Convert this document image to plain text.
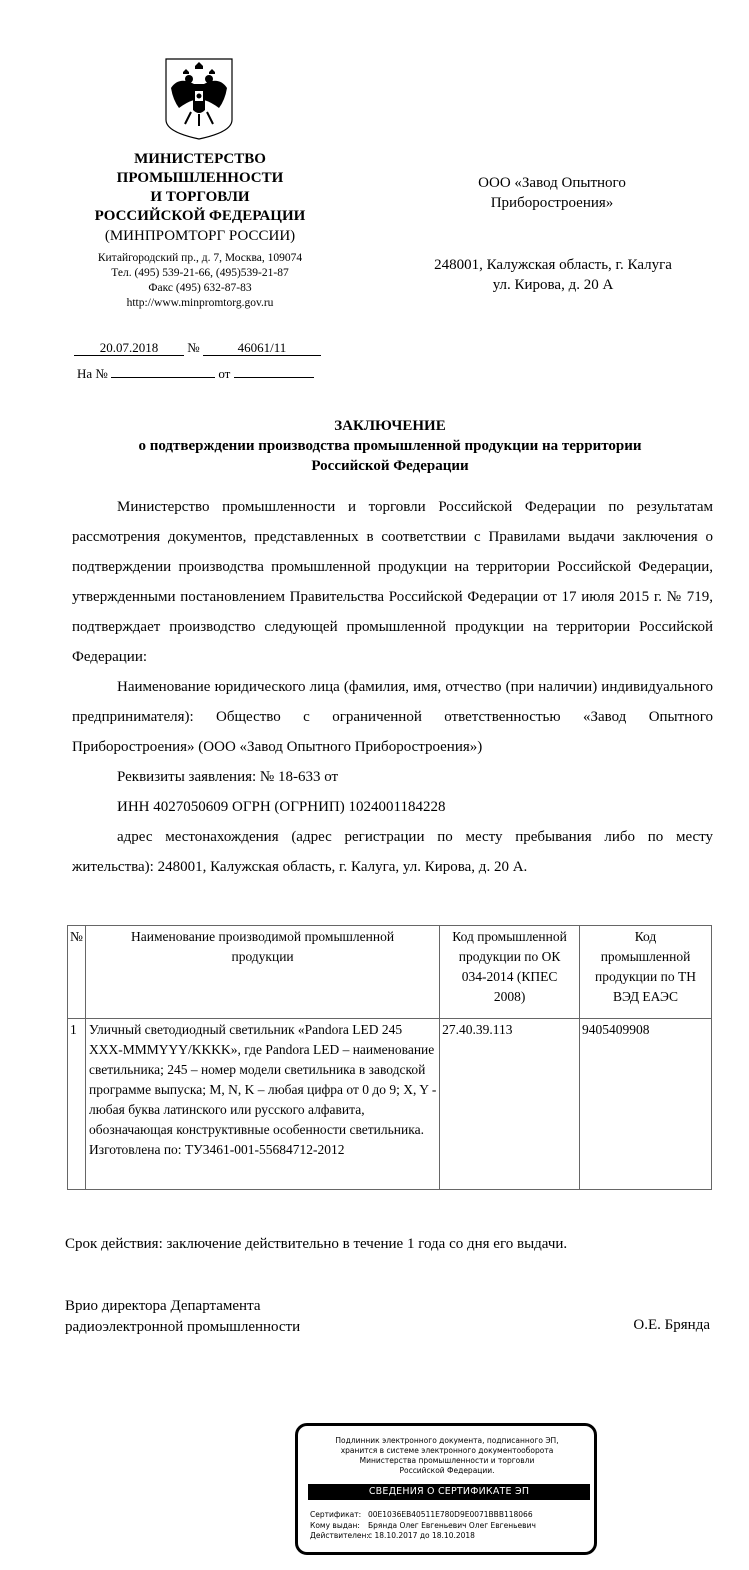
МИНИСТЕРСТВО
ПРОМЫШЛЕННОСТИ
И ТОРГОВЛИ
РОССИЙСКОЙ ФЕДЕРАЦИИ
(МИНПРОМТОРГ РОССИИ)
Китайгородский пр., д. 7, Москва, 109074
Тел. (495) 539-21-66, (495)539-21-87
Факс (495) 632-87-83
http://www.minpromtorg.gov.ru
20.07.2018 №	46061/11
На №	от
ООО «Завод Опытного
Приборостроения»
248001, Калужская область, г. Калуга
ул. Кирова, д. 20 А
ЗАКЛЮЧЕНИЕ
о подтверждении производства промышленной продукции на территории
Российской Федерации

Министерство промышленности и торговли Российской Федерации по результатам рассмотрения документов, представленных в соответствии с Правилами выдачи заключения о подтверждении производства промышленной продукции на территории Российской Федерации, утвержденными постановлением Правительства Российской Федерации от 17 июля 2015 г. № 719, подтверждает производство следующей промышленной продукции на территории Российской Федерации:

Наименование юридического лица (фамилия, имя, отчество (при наличии) индивидуального предпринимателя): Общество с ограниченной ответственностью «Завод Опытного Приборостроения» (ООО «Завод Опытного Приборостроения»)

Реквизиты заявления: № 18-633 от

ИНН 4027050609 ОГРН (ОГРНИП) 1024001184228

адрес местонахождения (адрес регистрации по месту пребывания либо по месту жительства): 248001, Калужская область, г. Калуга, ул. Кирова, д. 20 А.

№	Наименование производимой промышленной продукции	Код промышленной продукции по ОК 034-2014 (КПЕС 2008)	Код промышленной продукции по ТН ВЭД ЕАЭС
1	Уличный светодиодный светильник «Pandora LED 245 XXX-MMMYYY/KKKK», где Pandora LED – наименование светильника; 245 – номер модели светильника в заводской программе выпуска; M, N, K – любая цифра от 0 до 9; X, Y - любая буква латинского или русского алфавита, обозначающая конструктивные особенности светильника. Изготовлена по: ТУ3461-001-55684712-2012	27.40.39.113	9405409908
Срок действия: заключение действительно в течение 1 года со дня его выдачи.
Врио директора Департамента
радиоэлектронной промышленности	О.Е. Брянда
Подлинник электронного документа, подписанного ЭП,
хранится в системе электронного документооборота
Министерства промышленности и торговли
Российской Федерации.
СВЕДЕНИЯ О СЕРТИФИКАТЕ ЭП
Сертификат: 00E1036EB40511E780D9E0071BBB118066
Кому выдан: Брянда Олег Евгеньевич Олег Евгеньевич
Действителен:с 18.10.2017 до 18.10.2018
